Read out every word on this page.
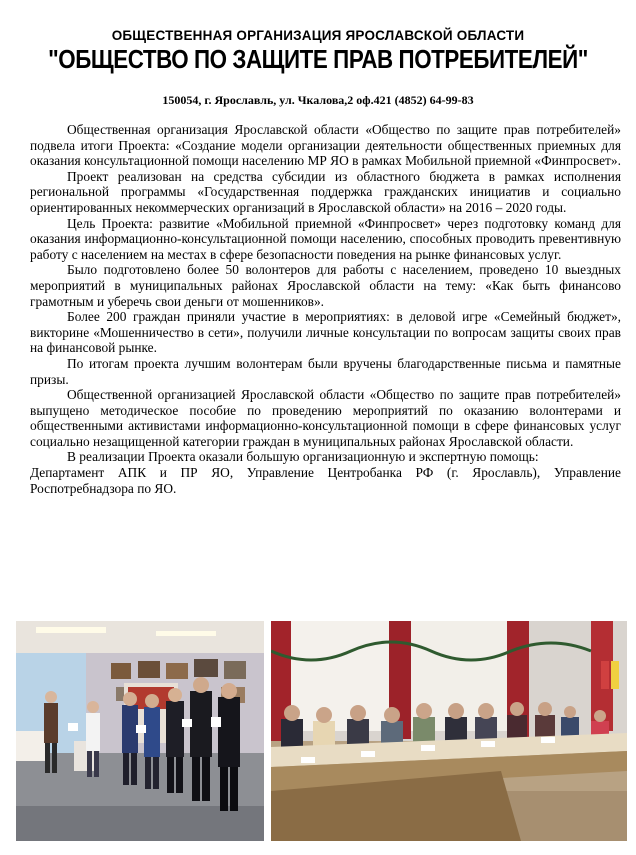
ОБЩЕСТВЕННАЯ ОРГАНИЗАЦИЯ ЯРОСЛАВСКОЙ ОБЛАСТИ
"ОБЩЕСТВО ПО ЗАЩИТЕ ПРАВ ПОТРЕБИТЕЛЕЙ"
150054, г. Ярославль, ул. Чкалова,2 оф.421 (4852) 64-99-83

Общественная организация Ярославской области «Общество по защите прав потребителей» подвела итоги Проекта: «Создание модели организации деятельности общественных приемных для оказания консультационной помощи населению МР ЯО в рамках Мобильной приемной «Финпросвет».

Проект реализован на средства субсидии из областного бюджета в рамках исполнения региональной программы «Государственная поддержка гражданских инициатив и социально ориентированных некоммерческих организаций в Ярославской области» на 2016 – 2020 годы.

Цель Проекта: развитие «Мобильной приемной «Финпросвет» через подготовку команд для оказания информационно-консультационной помощи населению, способных проводить превентивную работу с населением на местах в сфере безопасности поведения на рынке финансовых услуг.

Было подготовлено более 50 волонтеров для работы с населением, проведено 10 выездных мероприятий в муниципальных районах Ярославской области на тему: «Как быть финансово грамотным и уберечь свои деньги от мошенников».

Более 200 граждан приняли участие в мероприятиях: в деловой игре «Семейный бюджет», викторине «Мошенничество в сети», получили личные консультации по вопросам защиты своих прав на финансовой рынке.

По итогам проекта лучшим волонтерам были вручены благодарственные письма и памятные призы.

Общественной организацией Ярославской области «Общество по защите прав потребителей» выпущено методическое пособие по проведению мероприятий по оказанию волонтерами и общественными активистами информационно-консультационной помощи в сфере финансовых услуг социально незащищенной категории граждан в муниципальных районах Ярославской области.

В реализации Проекта оказали большую организационную и экспертную помощь:

Департамент АПК и ПР ЯО, Управление Центробанка РФ (г. Ярославль), Управление Роспотребнадзора по ЯО.
